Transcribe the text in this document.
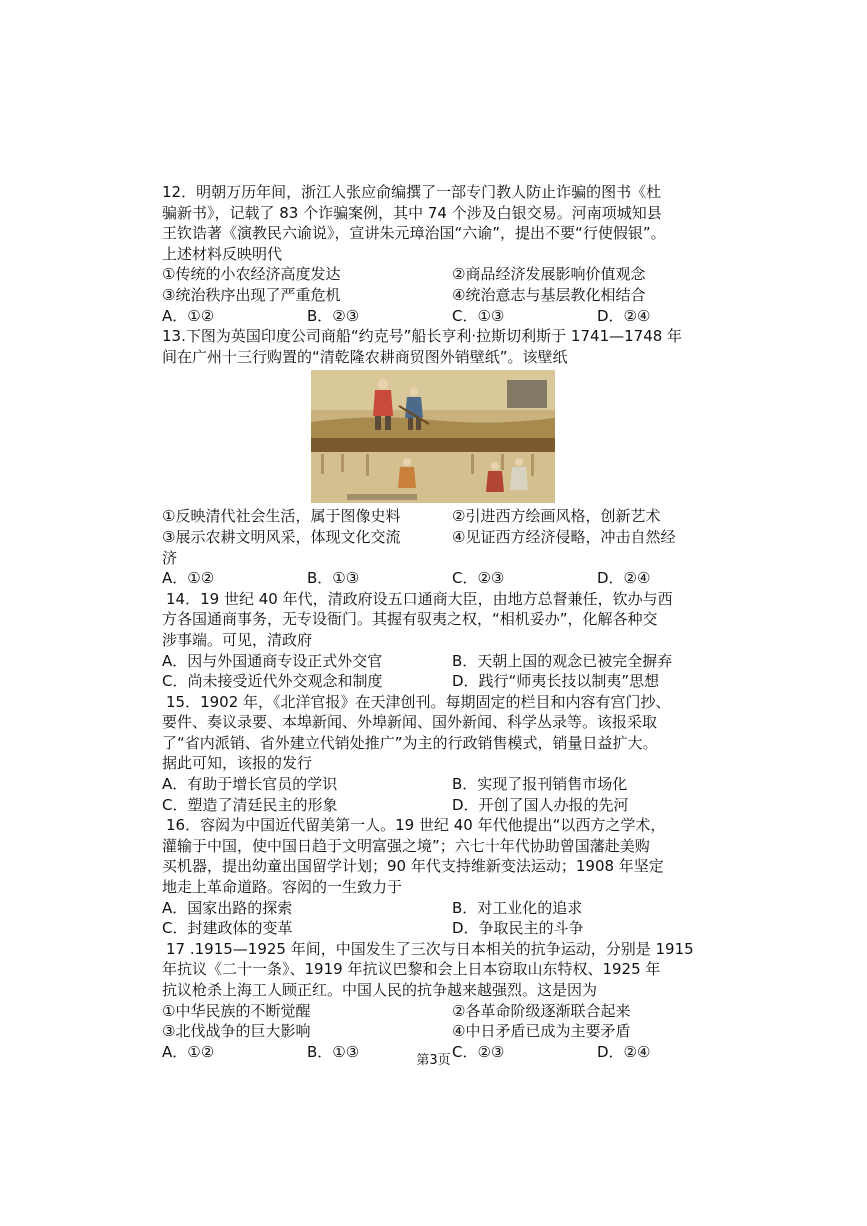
12．明朝万历年间，浙江人张应俞编撰了一部专门教人防止诈骗的图书《杜
骗新书》，记载了 83 个诈骗案例，其中 74 个涉及白银交易。河南项城知县
王钦诰著《演教民六谕说》，宣讲朱元璋治国“六谕”，提出不要“行使假银”。
上述材料反映明代
①传统的小农经济高度发达	②商品经济发展影响价值观念
③统治秩序出现了严重危机	④统治意志与基层教化相结合
A．①②	B．②③	C．①③	D．②④
13.下图为英国印度公司商船“约克号”船长亨利·拉斯切利斯于 1741—1748 年
间在广州十三行购置的“清乾隆农耕商贸图外销壁纸”。该壁纸
①反映清代社会生活，属于图像史料	②引进西方绘画风格，创新艺术
③展示农耕文明风采，体现文化交流	④见证西方经济侵略，冲击自然经
济
A．①②	B．①③	C．②③	D．②④
14．19 世纪 40 年代，清政府设五口通商大臣，由地方总督兼任，钦办与西
方各国通商事务，无专设衙门。其握有驭夷之权，“相机妥办”，化解各种交
涉事端。可见，清政府
A．因与外国通商专设正式外交官	B．天朝上国的观念已被完全摒弃
C．尚未接受近代外交观念和制度	D．践行“师夷长技以制夷”思想
15．1902 年，《北洋官报》在天津创刊。每期固定的栏目和内容有宫门抄、
要件、奏议录要、本埠新闻、外埠新闻、国外新闻、科学丛录等。该报采取
了“省内派销、省外建立代销处推广”为主的行政销售模式，销量日益扩大。
据此可知，该报的发行
A．有助于增长官员的学识	B．实现了报刊销售市场化
C．塑造了清廷民主的形象	D．开创了国人办报的先河
16．容闳为中国近代留美第一人。19 世纪 40 年代他提出“以西方之学术，
灌输于中国，使中国日趋于文明富强之境”；六七十年代协助曾国藩赴美购
买机器，提出幼童出国留学计划；90 年代支持维新变法运动；1908 年坚定
地走上革命道路。容闳的一生致力于
A．国家出路的探索	B．对工业化的追求
C．封建政体的变革	D．争取民主的斗争
17 .1915—1925 年间，中国发生了三次与日本相关的抗争运动，分别是 1915
年抗议《二十一条》、1919 年抗议巴黎和会上日本窃取山东特权、1925 年
抗议枪杀上海工人顾正红。中国人民的抗争越来越强烈。这是因为
①中华民族的不断觉醒	②各革命阶级逐渐联合起来
③北伐战争的巨大影响	④中日矛盾已成为主要矛盾
A．①②	B．①③	C．②③	D．②④
第3页
